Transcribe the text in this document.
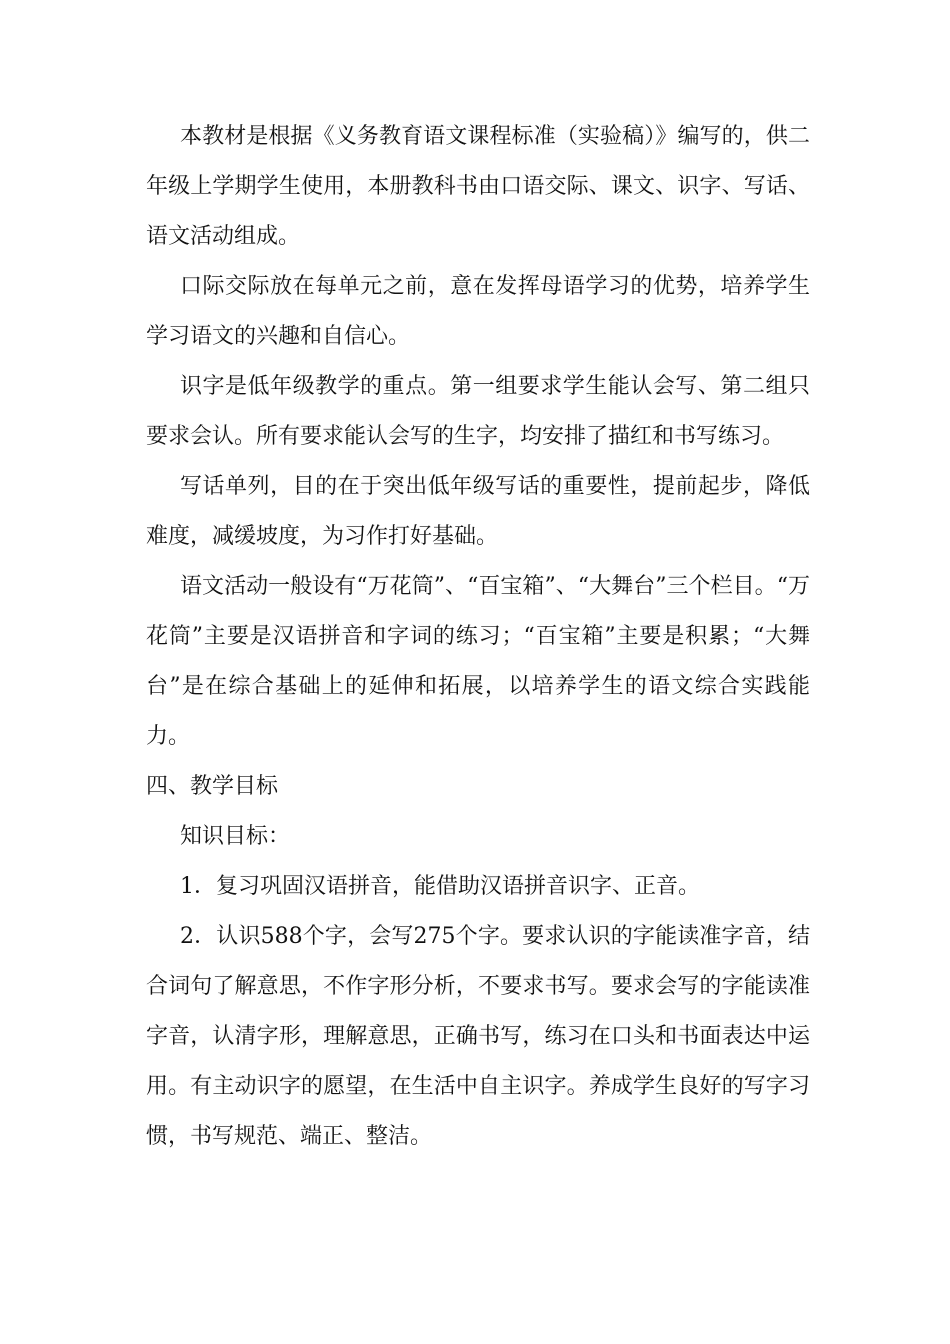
本教材是根据《义务教育语文课程标准（实验稿）》编写的，供二年级上学期学生使用，本册教科书由口语交际、课文、识字、写话、语文活动组成。

口际交际放在每单元之前，意在发挥母语学习的优势，培养学生学习语文的兴趣和自信心。

识字是低年级教学的重点。第一组要求学生能认会写、第二组只要求会认。所有要求能认会写的生字，均安排了描红和书写练习。

写话单列，目的在于突出低年级写话的重要性，提前起步，降低难度，减缓坡度，为习作打好基础。

语文活动一般设有“万花筒”、“百宝箱”、“大舞台”三个栏目。“万花筒”主要是汉语拼音和字词的练习；“百宝箱”主要是积累；“大舞台”是在综合基础上的延伸和拓展，以培养学生的语文综合实践能力。

四、教学目标

知识目标：

1．复习巩固汉语拼音，能借助汉语拼音识字、正音。

2．认识588个字，会写275个字。要求认识的字能读准字音，结合词句了解意思，不作字形分析，不要求书写。要求会写的字能读准字音，认清字形，理解意思，正确书写，练习在口头和书面表达中运用。有主动识字的愿望，在生活中自主识字。养成学生良好的写字习惯，书写规范、端正、整洁。
